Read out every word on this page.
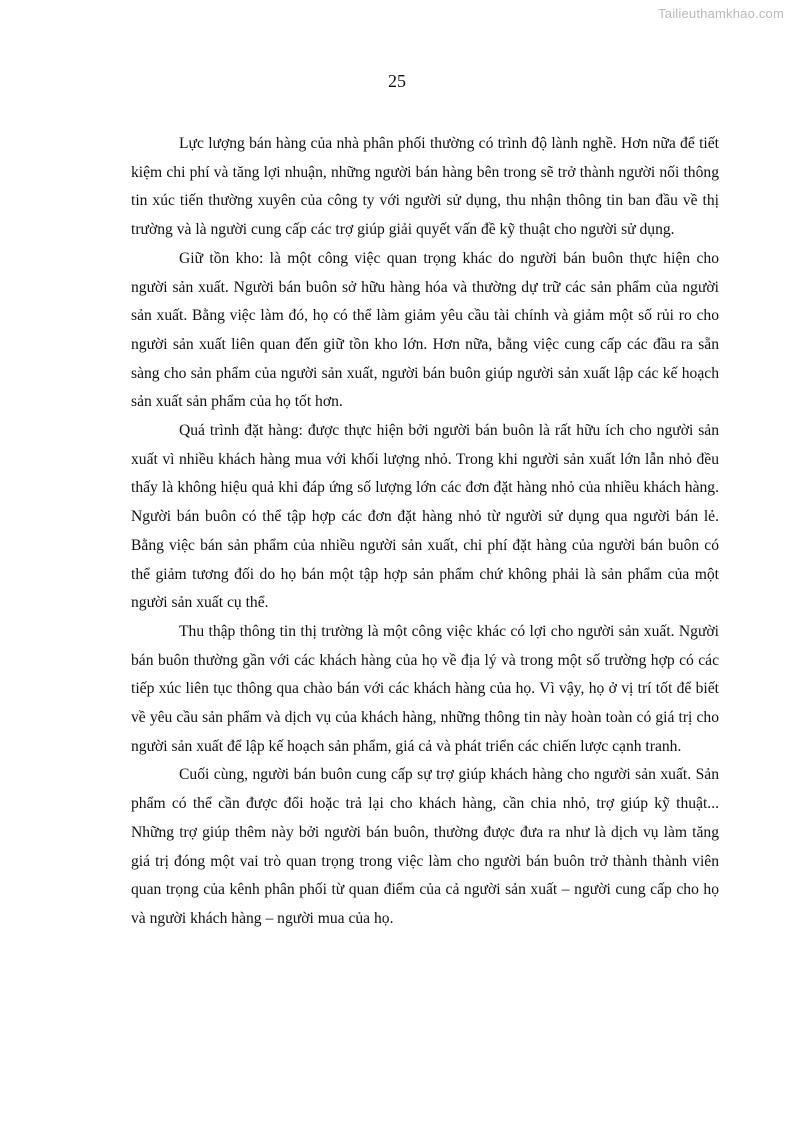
Tailieuthamkhao.com
25

Lực lượng bán hàng của nhà phân phối thường có trình độ lành nghề. Hơn nữa để tiết kiệm chi phí và tăng lợi nhuận, những người bán hàng bên trong sẽ trở thành người nối thông tin xúc tiến thường xuyên của công ty với người sử dụng, thu nhận thông tin ban đầu về thị trường và là người cung cấp các trợ giúp giải quyết vấn đề kỹ thuật cho người sử dụng.

Giữ tồn kho: là một công việc quan trọng khác do người bán buôn thực hiện cho người sản xuất. Người bán buôn sở hữu hàng hóa và thường dự trữ các sản phẩm của người sản xuất. Bằng việc làm đó, họ có thể làm giảm yêu cầu tài chính và giảm một số rủi ro cho người sản xuất liên quan đến giữ tồn kho lớn. Hơn nữa, bằng việc cung cấp các đầu ra sẵn sàng cho sản phẩm của người sản xuất, người bán buôn giúp người sản xuất lập các kế hoạch sản xuất sản phẩm của họ tốt hơn.

Quá trình đặt hàng: được thực hiện bởi người bán buôn là rất hữu ích cho người sản xuất vì nhiều khách hàng mua với khối lượng nhỏ. Trong khi người sản xuất lớn lẫn nhỏ đều thấy là không hiệu quả khi đáp ứng số lượng lớn các đơn đặt hàng nhỏ của nhiều khách hàng. Người bán buôn có thể tập hợp các đơn đặt hàng nhỏ từ người sử dụng qua người bán lẻ. Bằng việc bán sản phẩm của nhiều người sản xuất, chi phí đặt hàng của người bán buôn có thể giảm tương đối do họ bán một tập hợp sản phẩm chứ không phải là sản phẩm của một người sản xuất cụ thể.

Thu thập thông tin thị trường là một công việc khác có lợi cho người sản xuất. Người bán buôn thường gần với các khách hàng của họ về địa lý và trong một số trường hợp có các tiếp xúc liên tục thông qua chào bán với các khách hàng của họ. Vì vậy, họ ở vị trí tốt để biết về yêu cầu sản phẩm và dịch vụ của khách hàng, những thông tin này hoàn toàn có giá trị cho người sản xuất để lập kế hoạch sản phẩm, giá cả và phát triển các chiến lược cạnh tranh.

Cuối cùng, người bán buôn cung cấp sự trợ giúp khách hàng cho người sản xuất. Sản phẩm có thể cần được đổi hoặc trả lại cho khách hàng, cần chia nhỏ, trợ giúp kỹ thuật... Những trợ giúp thêm này bởi người bán buôn, thường được đưa ra như là dịch vụ làm tăng giá trị đóng một vai trò quan trọng trong việc làm cho người bán buôn trở thành thành viên quan trọng của kênh phân phối từ quan điểm của cả người sản xuất – người cung cấp cho họ và người khách hàng – người mua của họ.
